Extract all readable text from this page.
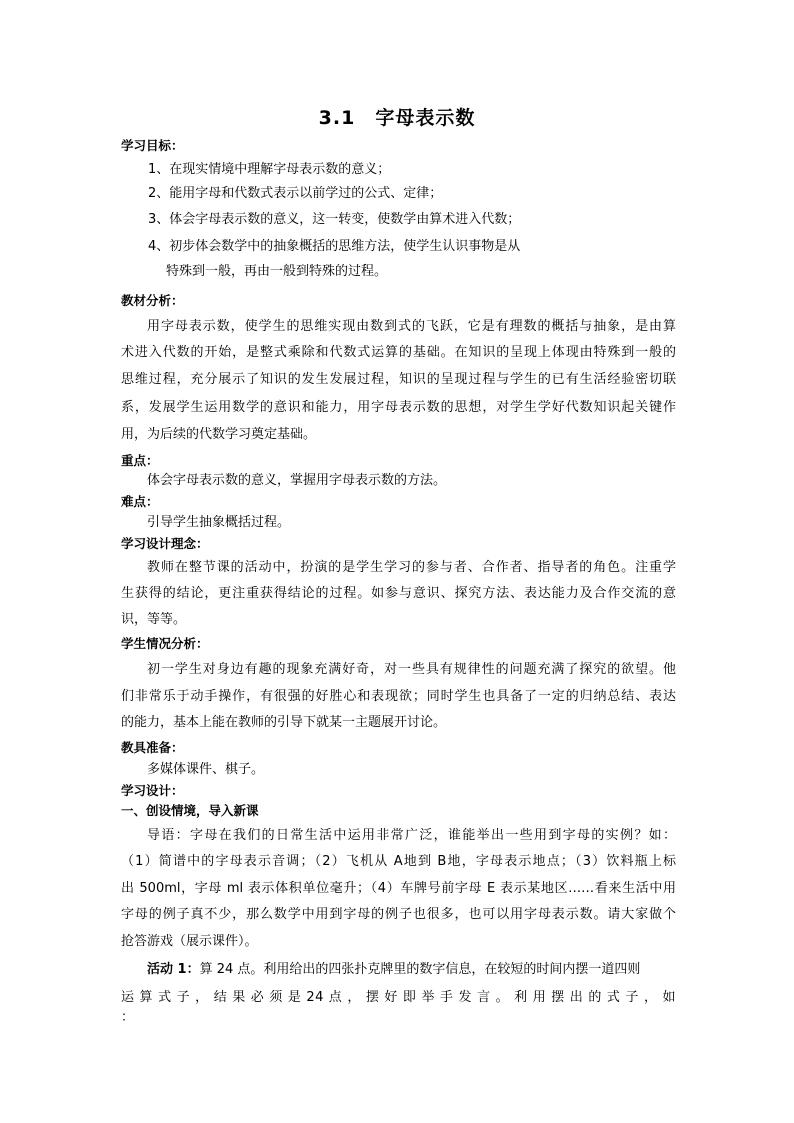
3.1　字母表示数
学习目标：
1、在现实情境中理解字母表示数的意义；
2、能用字母和代数式表示以前学过的公式、定律；
3、体会字母表示数的意义，这一转变，使数学由算术进入代数；
4、初步体会数学中的抽象概括的思维方法，使学生认识事物是从
特殊到一般，再由一般到特殊的过程。
教材分析：
用字母表示数，使学生的思维实现由数到式的飞跃，它是有理数的概括与抽象，是由算
术进入代数的开始，是整式乘除和代数式运算的基础。在知识的呈现上体现由特殊到一般的
思维过程，充分展示了知识的发生发展过程，知识的呈现过程与学生的已有生活经验密切联
系，发展学生运用数学的意识和能力，用字母表示数的思想，对学生学好代数知识起关键作
用，为后续的代数学习奠定基础。
重点：
体会字母表示数的意义，掌握用字母表示数的方法。
难点：
引导学生抽象概括过程。
学习设计理念：
教师在整节课的活动中，扮演的是学生学习的参与者、合作者、指导者的角色。注重学
生获得的结论，更注重获得结论的过程。如参与意识、探究方法、表达能力及合作交流的意
识，等等。
学生情况分析：
初一学生对身边有趣的现象充满好奇，对一些具有规律性的问题充满了探究的欲望。他
们非常乐于动手操作，有很强的好胜心和表现欲；同时学生也具备了一定的归纳总结、表达
的能力，基本上能在教师的引导下就某一主题展开讨论。
教具准备：
多媒体课件、棋子。
学习设计：
一、创设情境，导入新课
导语：字母在我们的日常生活中运用非常广泛，谁能举出一些用到字母的实例？如：
（1）简谱中的字母表示音调；（2）飞机从 A地到 B地，字母表示地点；（3）饮料瓶上标
出 500ml，字母 ml 表示体积单位毫升；（4）车牌号前字母 E 表示某地区……看来生活中用
字母的例子真不少，那么数学中用到字母的例子也很多，也可以用字母表示数。请大家做个
抢答游戏（展示课件）。
活动 1：算 24 点。利用给出的四张扑克牌里的数字信息，在较短的时间内摆一道四则
运 算 式 子 ， 结 果 必 须 是 24 点 ， 摆 好 即 举 手 发 言 。 利 用 摆 出 的 式 子 ， 如 ：
